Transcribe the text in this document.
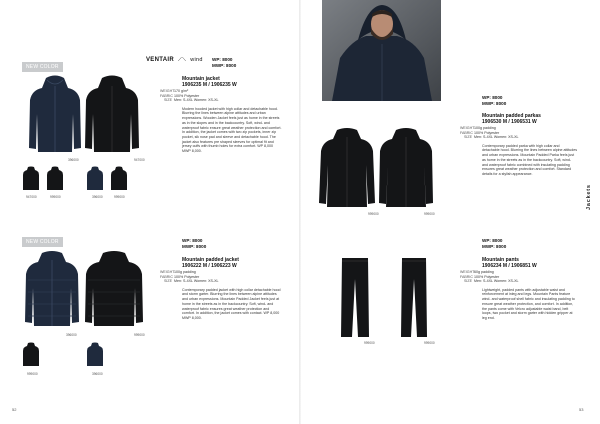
NEW COLOR
396000	947000
947000	999000	396000	999000
VENTAIR ⟋⟍ wind WP: 8000
MWP: 8000
Mountain jacket
1906235 M / 1906235 W
WEIGHT170 g/m²
FABRIC100% Polyester
SIZE Men: S-4XL Women: XS-XL
Modern hooded jacket with high collar and detachable hood. Blurring the lines between alpine attitudes and urban expressions. Wooden Jacket feels just as home in the streets as in the slopes and in the backcountry. Soft, wind- and waterproof fabric ensure great weather protection and comfort. In addition, the jacket comes with two zip pockets, inner zip pocket, sik nose pad and sleeve and detachable hood. The jacket also features pre shaped sleeves for optimal fit and jersey cuffs with thumb holes for extra comfort. WP 8,000 MWP 8,000.
NEW COLOR
396000	999000
999000	396000
WP: 8000
MWP: 8000
Mountain padded jacket
1906222 M / 1906223 W
WEIGHT100g padding
FABRIC100% Polyester
SIZE Men: S-4XL Women: XS-XL
Contemporary padded jacket with high collar detachable hood and storm garter. Blurring the lines between alpine attitudes and urban expressions. Mountain Padded Jacket feels just at home in the streets as in the backcountry. Soft, wind- and waterproof fabric ensures great weather protection and comfort. In addition, the jacket comes with contact. WP 8,000 MWP 8,000.
52
999000	999000
WP: 8000
MWP: 8000
Mountain padded parkas
1906530 M / 1906531 W
WEIGHT100g padding
FABRIC100% Polyester
SIZE Men: S-4XL Women: XS-XL
Contemporary padded parka with high collar and detachable hood. Blurring the lines between alpine attitudes and urban expressions. Mountain Padded Parka feels just as home in the streets as in the backcountry. Soft, wind- and waterproof fabric combined with insulating padding ensures great weather protection and comfort. Standard details for a stylish appearance.
999000	999000
WP: 8000
MWP: 8000
Mountain pants
1906234 M / 1906851 W
WEIGHT60g padding
FABRIC100% Polyester
SIZE Men: S-4XL Women: XS-XL
Lightweight, padded pants with adjustable waist and reinforcement at inleg and legs. Mountain Pants feature wind- and waterproof shell fabric and insulating padding to ensure great weather protection, and comfort. In addition, the pants come with Velcro adjustable waist band, belt loops, two pocket and storm garter with hidden gripper at leg end.
Jackets
53
